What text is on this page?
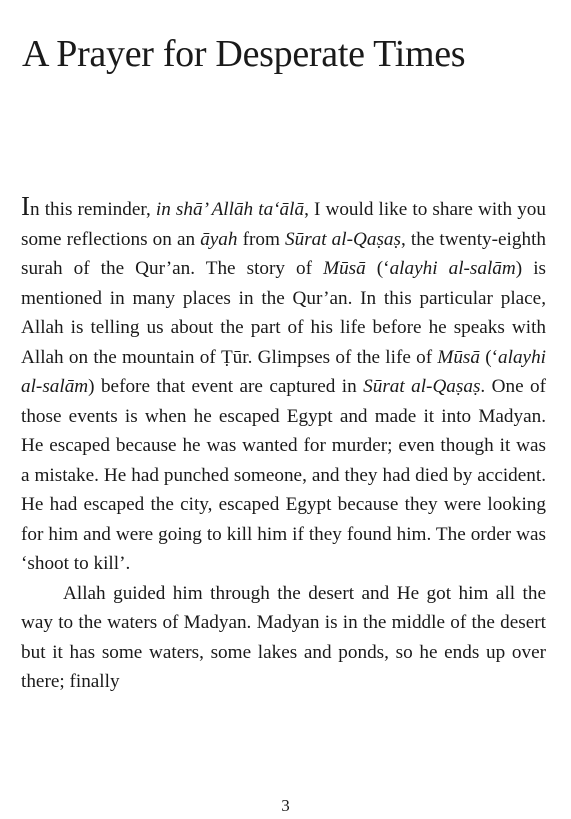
A Prayer for Desperate Times

In this reminder, in shā’ Allāh ta‘ālā, I would like to share with you some reflections on an āyah from Sūrat al-Qaṣaṣ, the twenty-eighth surah of the Qur’an. The story of Mūsā (‘alayhi al-salām) is mentioned in many places in the Qur’an. In this particular place, Allah is telling us about the part of his life before he speaks with Allah on the mountain of Ṭūr. Glimpses of the life of Mūsā (‘alayhi al-salām) before that event are captured in Sūrat al-Qaṣaṣ. One of those events is when he escaped Egypt and made it into Madyan. He escaped because he was wanted for murder; even though it was a mistake. He had punched someone, and they had died by accident. He had escaped the city, escaped Egypt because they were looking for him and were going to kill him if they found him. The order was ‘shoot to kill’.

Allah guided him through the desert and He got him all the way to the waters of Madyan. Madyan is in the middle of the desert but it has some waters, some lakes and ponds, so he ends up over there; finally

3
